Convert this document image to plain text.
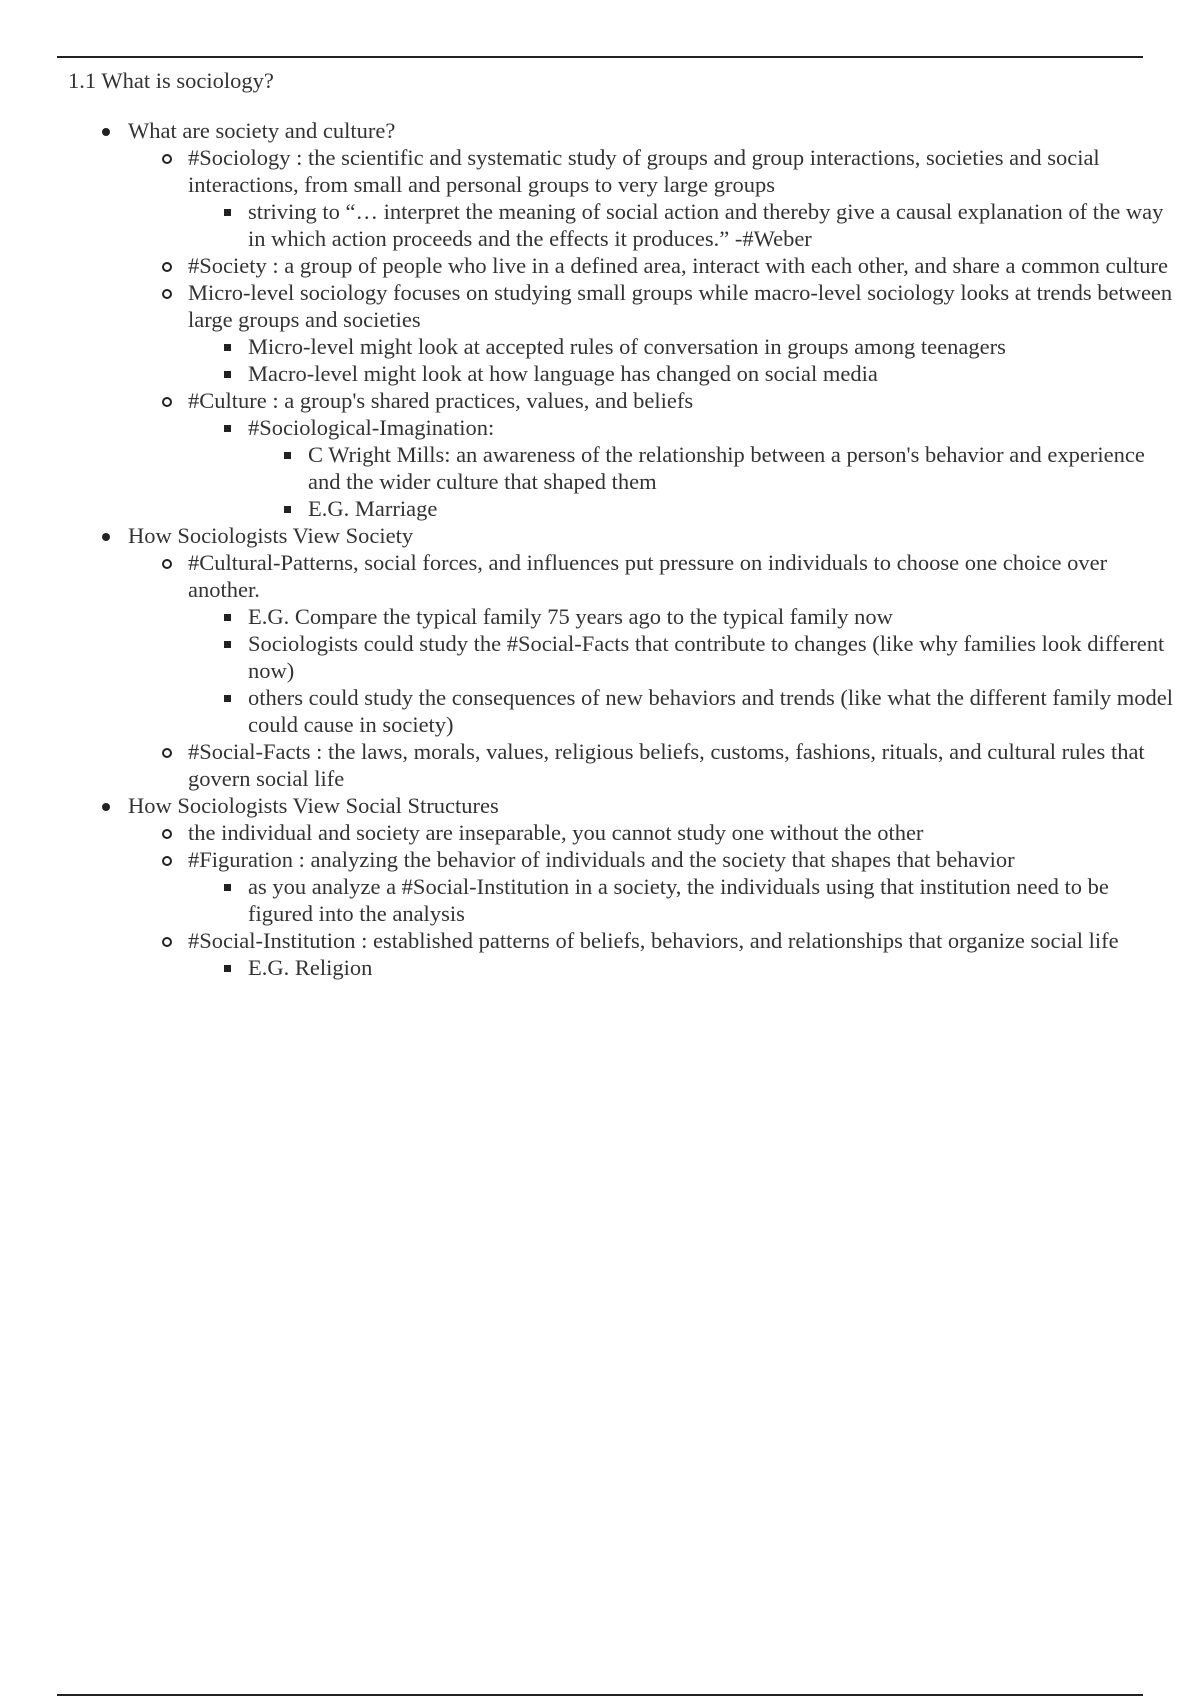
1.1 What is sociology?

What are society and culture?
#Sociology : the scientific and systematic study of groups and group interactions, societies and social interactions, from small and personal groups to very large groups
striving to “… interpret the meaning of social action and thereby give a causal explanation of the way in which action proceeds and the effects it produces.” -#Weber
#Society : a group of people who live in a defined area, interact with each other, and share a common culture
Micro-level sociology focuses on studying small groups while macro-level sociology looks at trends between large groups and societies
Micro-level might look at accepted rules of conversation in groups among teenagers
Macro-level might look at how language has changed on social media
#Culture : a group's shared practices, values, and beliefs
#Sociological-Imagination:
C Wright Mills: an awareness of the relationship between a person's behavior and experience and the wider culture that shaped them
E.G. Marriage
How Sociologists View Society
#Cultural-Patterns, social forces, and influences put pressure on individuals to choose one choice over another.
E.G. Compare the typical family 75 years ago to the typical family now
Sociologists could study the #Social-Facts that contribute to changes (like why families look different now)
others could study the consequences of new behaviors and trends (like what the different family model could cause in society)
#Social-Facts : the laws, morals, values, religious beliefs, customs, fashions, rituals, and cultural rules that govern social life
How Sociologists View Social Structures
the individual and society are inseparable, you cannot study one without the other
#Figuration : analyzing the behavior of individuals and the society that shapes that behavior
as you analyze a #Social-Institution in a society, the individuals using that institution need to be figured into the analysis
#Social-Institution : established patterns of beliefs, behaviors, and relationships that organize social life
E.G. Religion
